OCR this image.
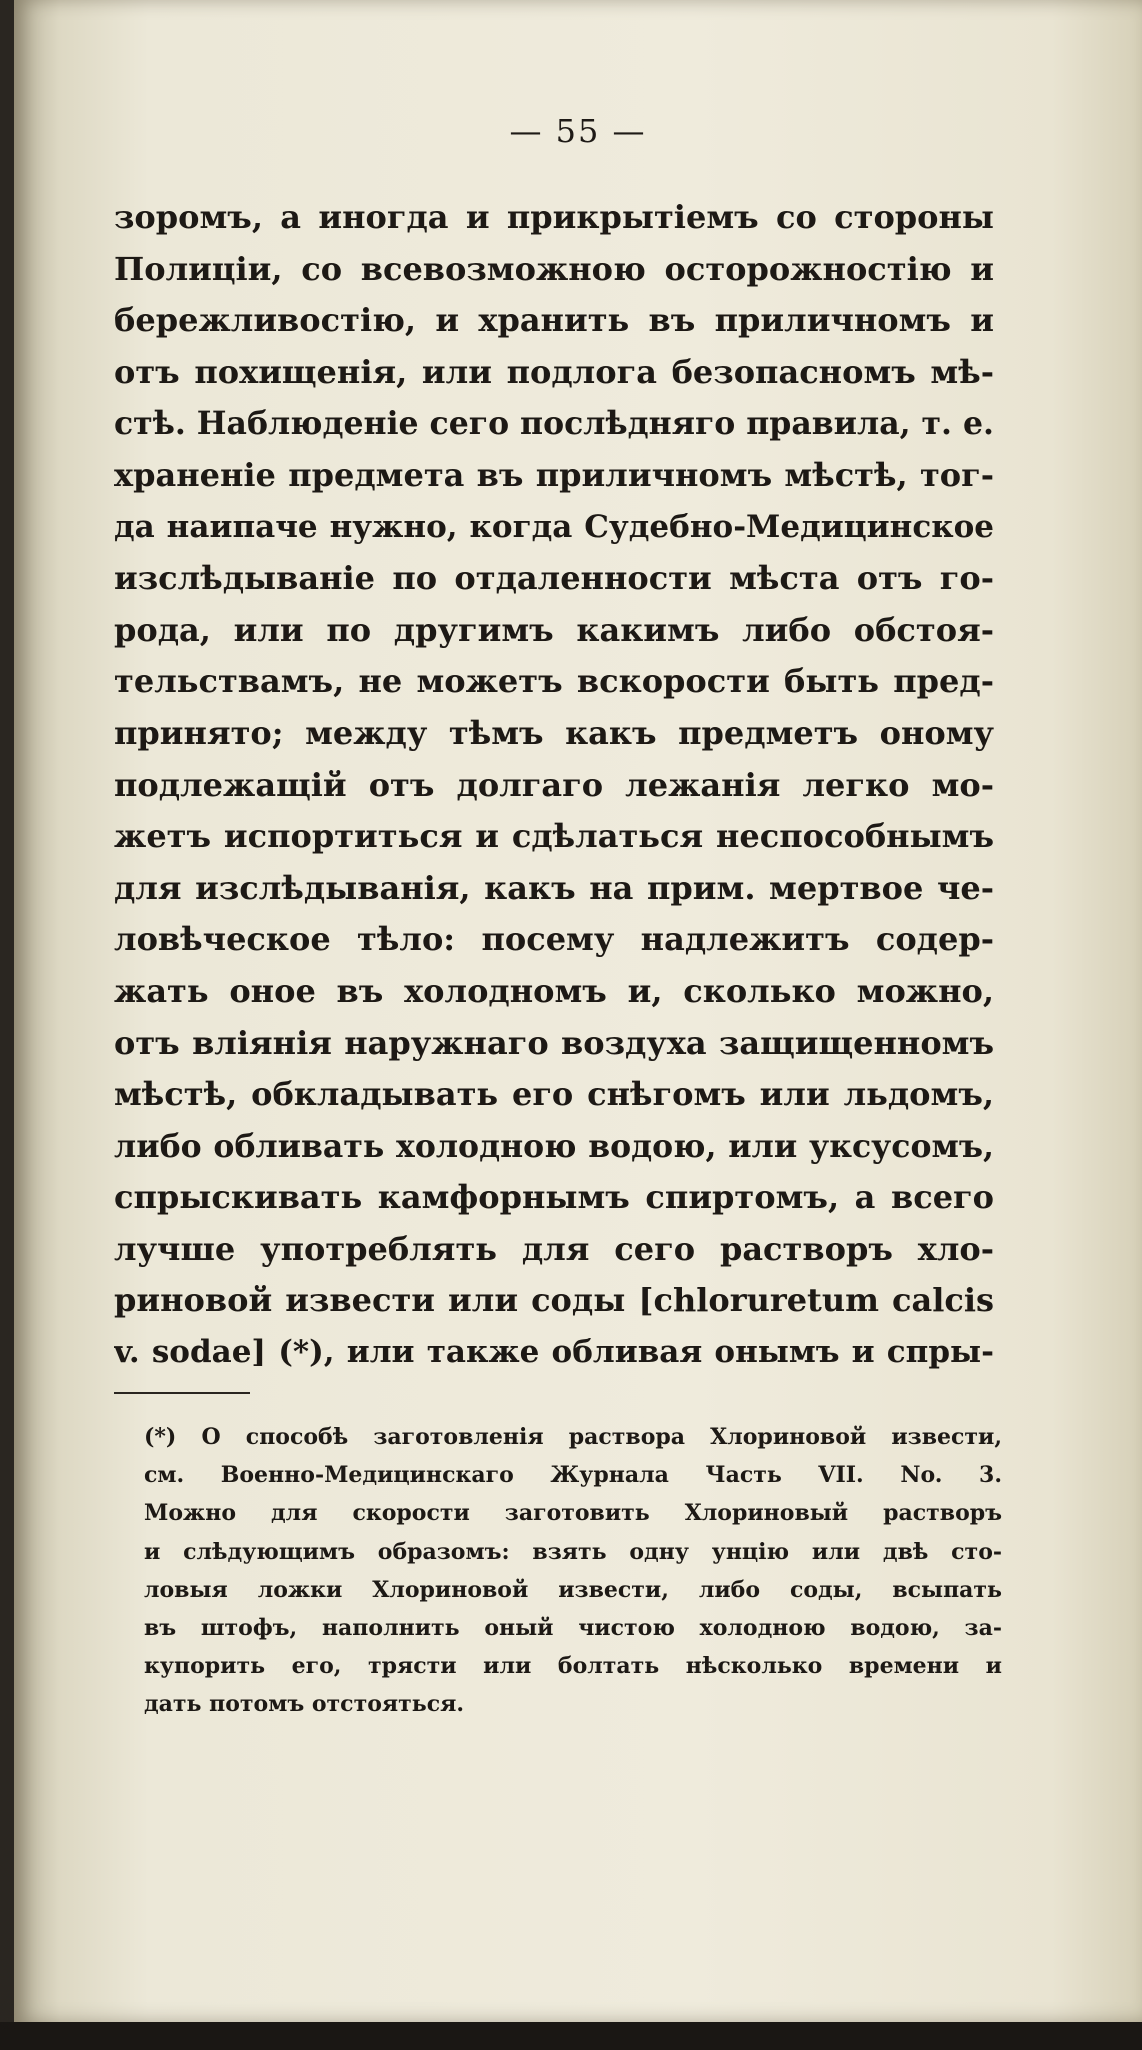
— 55 —
зоромъ, а иногда и прикрытіемъ со стороны
Полиціи, со всевозможною осторожностію и
бережливостію, и хранить въ приличномъ и
отъ похищенія, или подлога безопасномъ мѣ-
стѣ. Наблюденіе сего послѣдняго правила, т. е.
храненіе предмета въ приличномъ мѣстѣ, тог-
да наипаче нужно, когда Судебно-Медицинское
изслѣдываніе по отдаленности мѣста отъ го-
рода, или по другимъ какимъ либо обстоя-
тельствамъ, не можетъ вскорости быть пред-
принято; между тѣмъ какъ предметъ оному
подлежащій отъ долгаго лежанія легко мо-
жетъ испортиться и сдѣлаться неспособнымъ
для изслѣдыванія, какъ на прим. мертвое че-
ловѣческое тѣло: посему надлежитъ содер-
жать оное въ холодномъ и, сколько можно,
отъ вліянія наружнаго воздуха защищенномъ
мѣстѣ, обкладывать его снѣгомъ или льдомъ,
либо обливать холодною водою, или уксусомъ,
спрыскивать камфорнымъ спиртомъ, а всего
лучше употреблять для сего растворъ хло-
риновой извести или соды [chloruretum calcis
v. sodae] (*), или также обливая онымъ и спры-
(*) О способѣ заготовленія раствора Хлориновой извести,
см. Военно-Медицинскаго Журнала Часть VII. No. 3.
Можно для скорости заготовить Хлориновый растворъ
и слѣдующимъ образомъ: взять одну унцію или двѣ сто-
ловыя ложки Хлориновой извести, либо соды, всыпать
въ штофъ, наполнить оный чистою холодною водою, за-
купорить его, трясти или болтать нѣсколько времени и
дать потомъ отстояться.
